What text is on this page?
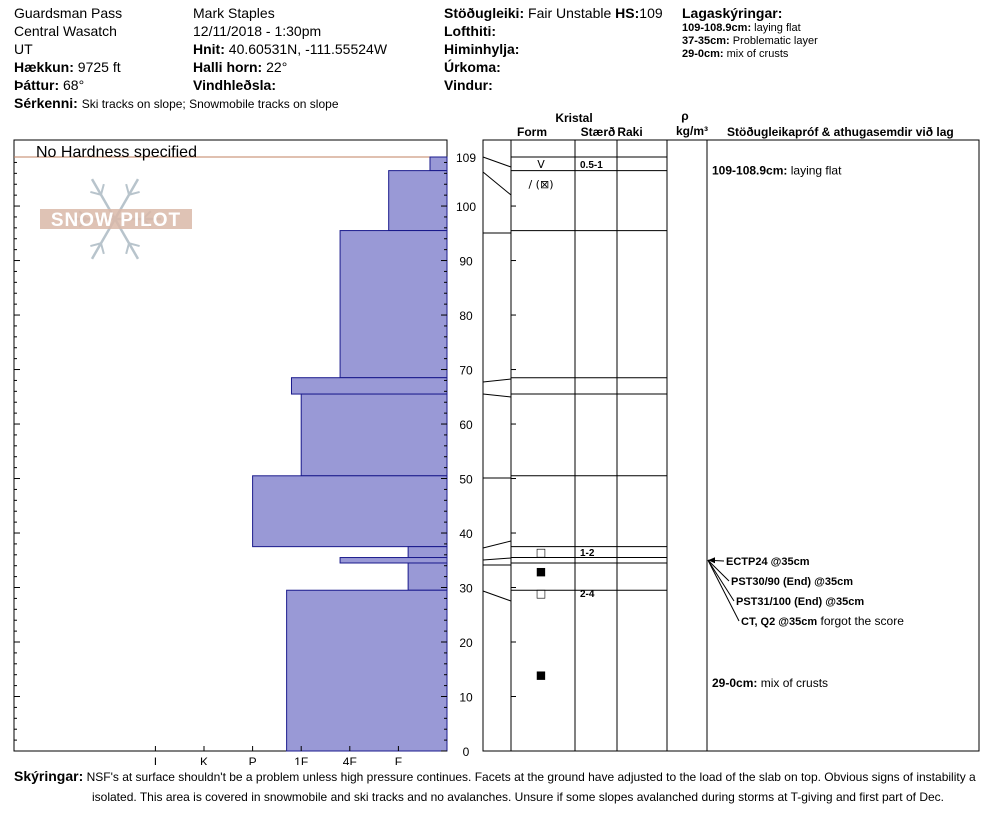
Guardsman Pass
Central Wasatch
UT
Hækkun: 9725 ft
Þáttur: 68°
Sérkenni: Ski tracks on slope; Snowmobile tracks on slope
Mark Staples
12/11/2018 - 1:30pm
Hnit: 40.60531N, -111.55524W
Halli horn: 22°
Vindhleðsla:
Stöðugleiki: Fair Unstable HS:109
Lofthiti:
Himinhylja:
Úrkoma:
Vindur:
Lagaskýringar:
109-108.9cm: laying flat
37-35cm: Problematic layer
29-0cm: mix of crusts
No Hardness specified
SNOW PILOT
I	K	P	1F	4F	F
0
10
20
30
40
50
60
70
80
90
100
109
Kristal
Form	Stærð Raki
ρ
kg/m³ Stöðugleikapróf & athugasemdir við lag
V	0.5-1
/ (⊠)
□	1-2
■
□	2-4
■
109-108.9cm: laying flat
29-0cm: mix of crusts
ECTP24 @35cm
PST30/90 (End) @35cm
PST31/100 (End) @35cm
CT, Q2 @35cm forgot the score
Skýringar: NSF's at surface shouldn't be a problem unless high pressure continues. Facets at the ground have adjusted to the load of the slab on top. Obvious signs of instability a
isolated. This area is covered in snowmobile and ski tracks and no avalanches. Unsure if some slopes avalanched during storms at T-giving and first part of Dec.
